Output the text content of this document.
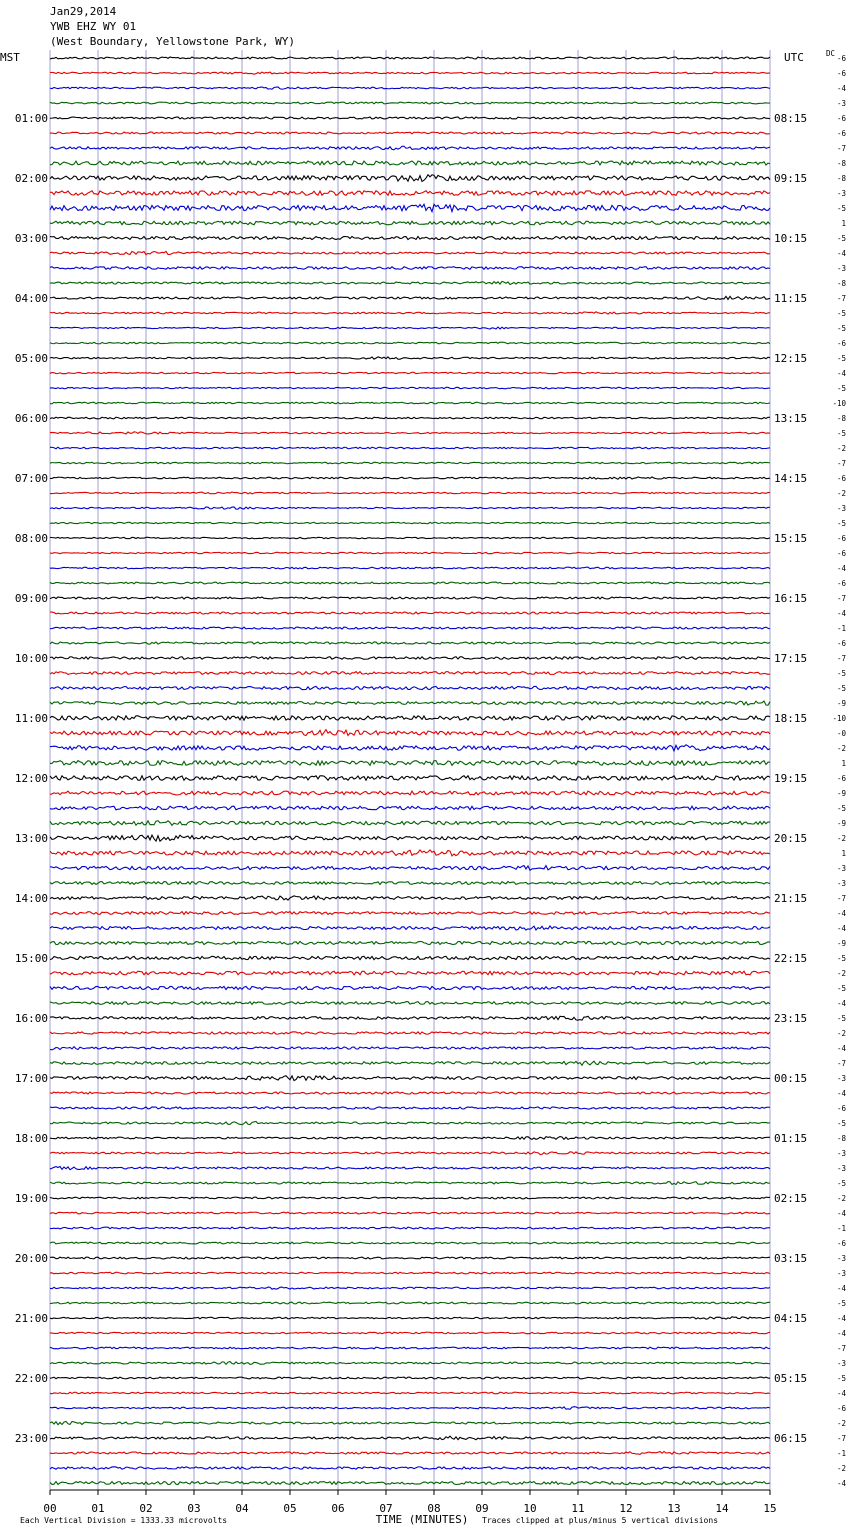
Jan29,2014
YWB EHZ WY 01
(West Boundary, Yellowstone Park, WY)
-6
-6
-4
-3
-6
-6
-7
-8
-8
-3
-5
1
-5
-4
-3
-8
-7
-5
-5
-6
-5
-4
-5
-10
-8
-5
-2
-7
-6
-2
-3
-5
-6
-6
-4
-6
-7
-4
-1
-6
-7
-5
-5
-9
-10
-0
-2
1
-6
-9
-5
-9
-2
1
-3
-3
-7
-4
-4
-9
-5
-2
-5
-4
-5
-2
-4
-7
-3
-4
-6
-5
-8
-3
-3
-5
-2
-4
-1
-6
-3
-3
-4
-5
-4
-4
-7
-3
-5
-4
-6
-2
-7
-1
-2
-4
MST	UTC	DC
01:00
02:00
03:00
04:00
05:00
06:00
07:00
08:00
09:00
10:00
11:00
12:00
13:00
14:00
15:00
16:00
17:00
18:00
19:00
20:00
21:00
22:00
23:00
08:15
09:15
10:15
11:15
12:15
13:15
14:15
15:15
16:15
17:15
18:15
19:15
20:15
21:15
22:15
23:15
00:15
01:15
02:15
03:15
04:15
05:15
06:15
00	01	02	03	04	05	06	07	08	09	10	11	12	13	14	15
TIME (MINUTES)
Each Vertical Division = 1333.33 microvolts	Traces clipped at plus/minus 5 vertical divisions
